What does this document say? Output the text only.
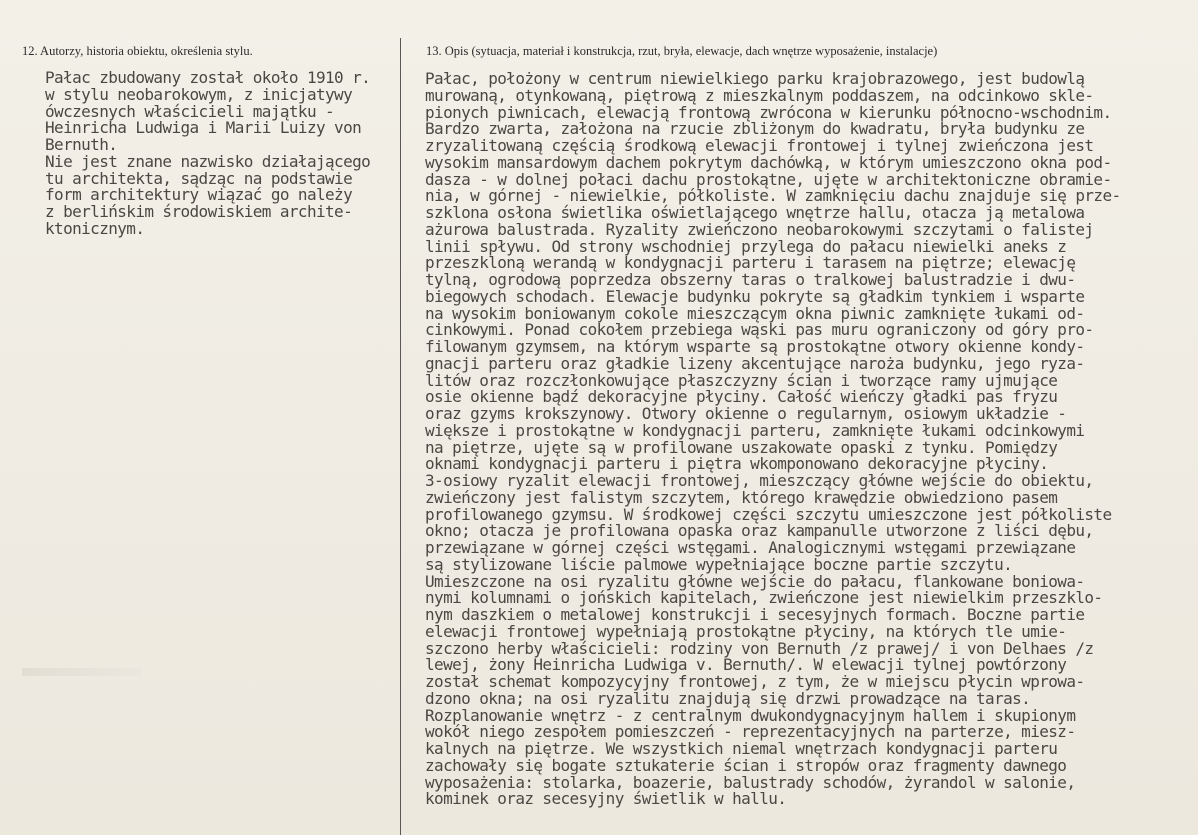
12. Autorzy, historia obiektu, określenia stylu.	13. Opis (sytuacja, materiał i konstrukcja, rzut, bryła, elewacje, dach wnętrze wyposażenie, instalacje)
Pałac zbudowany został około 1910 r.
w stylu neobarokowym, z inicjatywy
ówczesnych właścicieli majątku -
Heinricha Ludwiga i Marii Luizy von
Bernuth.
Nie jest znane nazwisko działającego
tu architekta, sądząc na podstawie
form architektury wiązać go należy
z berlińskim środowiskiem archite-
ktonicznym.
Pałac, położony w centrum niewielkiego parku krajobrazowego, jest budowlą
murowaną, otynkowaną, piętrową z mieszkalnym poddaszem, na odcinkowo skle-
pionych piwnicach, elewacją frontową zwrócona w kierunku północno-wschodnim.
Bardzo zwarta, założona na rzucie zbliżonym do kwadratu, bryła budynku ze
zryzalitowaną częścią środkową elewacji frontowej i tylnej zwieńczona jest
wysokim mansardowym dachem pokrytym dachówką, w którym umieszczono okna pod-
dasza - w dolnej połaci dachu prostokątne, ujęte w architektoniczne obramie-
nia, w górnej - niewielkie, półkoliste. W zamknięciu dachu znajduje się prze-
szklona osłona świetlika oświetlającego wnętrze hallu, otacza ją metalowa
ażurowa balustrada. Ryzality zwieńczono neobarokowymi szczytami o falistej
linii spływu. Od strony wschodniej przylega do pałacu niewielki aneks z
przeszkloną werandą w kondygnacji parteru i tarasem na piętrze; elewację
tylną, ogrodową poprzedza obszerny taras o tralkowej balustradzie i dwu-
biegowych schodach. Elewacje budynku pokryte są gładkim tynkiem i wsparte
na wysokim boniowanym cokole mieszczącym okna piwnic zamknięte łukami od-
cinkowymi. Ponad cokołem przebiega wąski pas muru ograniczony od góry pro-
filowanym gzymsem, na którym wsparte są prostokątne otwory okienne kondy-
gnacji parteru oraz gładkie lizeny akcentujące naroża budynku, jego ryza-
litów oraz rozczłonkowujące płaszczyzny ścian i tworzące ramy ujmujące
osie okienne bądź dekoracyjne płyciny. Całość wieńczy gładki pas fryzu
oraz gzyms krokszynowy. Otwory okienne o regularnym, osiowym układzie -
większe i prostokątne w kondygnacji parteru, zamknięte łukami odcinkowymi
na piętrze, ujęte są w profilowane uszakowate opaski z tynku. Pomiędzy
oknami kondygnacji parteru i piętra wkomponowano dekoracyjne płyciny.
3-osiowy ryzalit elewacji frontowej, mieszczący główne wejście do obiektu,
zwieńczony jest falistym szczytem, którego krawędzie obwiedziono pasem
profilowanego gzymsu. W środkowej części szczytu umieszczone jest półkoliste
okno; otacza je profilowana opaska oraz kampanulle utworzone z liści dębu,
przewiązane w górnej części wstęgami. Analogicznymi wstęgami przewiązane
są stylizowane liście palmowe wypełniające boczne partie szczytu.
Umieszczone na osi ryzalitu główne wejście do pałacu, flankowane boniowa-
nymi kolumnami o jońskich kapitelach, zwieńczone jest niewielkim przeszklo-
nym daszkiem o metalowej konstrukcji i secesyjnych formach. Boczne partie
elewacji frontowej wypełniają prostokątne płyciny, na których tle umie-
szczono herby właścicieli: rodziny von Bernuth /z prawej/ i von Delhaes /z
lewej, żony Heinricha Ludwiga v. Bernuth/. W elewacji tylnej powtórzony
został schemat kompozycyjny frontowej, z tym, że w miejscu płycin wprowa-
dzono okna; na osi ryzalitu znajdują się drzwi prowadzące na taras.
Rozplanowanie wnętrz - z centralnym dwukondygnacyjnym hallem i skupionym
wokół niego zespołem pomieszczeń - reprezentacyjnych na parterze, miesz-
kalnych na piętrze. We wszystkich niemal wnętrzach kondygnacji parteru
zachowały się bogate sztukaterie ścian i stropów oraz fragmenty dawnego
wyposażenia: stolarka, boazerie, balustrady schodów, żyrandol w salonie,
kominek oraz secesyjny świetlik w hallu.
